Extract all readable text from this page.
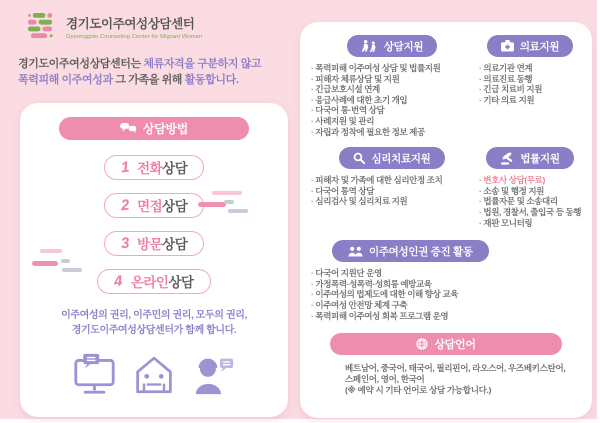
경기도이주여성상담센터
Gyeonggido Counseling Center for Migrant Women

경기도이주여성상담센터는 체류자격을 구분하지 않고
폭력피해 이주여성과 그 가족을 위해 활동합니다.

상담방법
1 전화상담
2 면접상담
3 방문상담
4 온라인상담
이주여성의 권리, 이주민의 권리, 모두의 권리,
경기도이주여성상담센터가 함께 합니다.
상담지원
· 폭력피해 이주여성 상담 및 법률지원
· 피해자 체류상담 및 지원
· 긴급보호시설 연계
· 응급사례에 대한 초기 개입
· 다국어 통·번역 상담
· 사례지원 및 관리
· 자립과 정착에 필요한 정보 제공
의료지원
· 의료기관 연계
· 의료진료 동행
· 긴급 치료비 지원
· 기타 의료 지원
심리치료지원
· 피해자 및 가족에 대한 심리안정 조치
· 다국어 통역 상담
· 심리검사 및 심리치료 지원
법률지원
· 변호사 상담(무료)
· 소송 및 행정 지원
· 법률자문 및 소송대리
· 법원, 경찰서, 출입국 등 동행
· 재판 모니터링
이주여성인권 증진 활동
· 다국어 지원단 운영
· 가정폭력·성폭력·성희롱 예방교육
· 이주여성의 법제도에 대한 이해 향상 교육
· 이주여성 안전망 체계 구축
· 폭력피해 이주여성 회복 프로그램 운영
상담언어
베트남어, 중국어, 태국어, 필리핀어, 라오스어, 우즈베키스탄어,
스페인어, 영어, 한국어
(※ 예약 시 기타 언어로 상담 가능합니다.)
